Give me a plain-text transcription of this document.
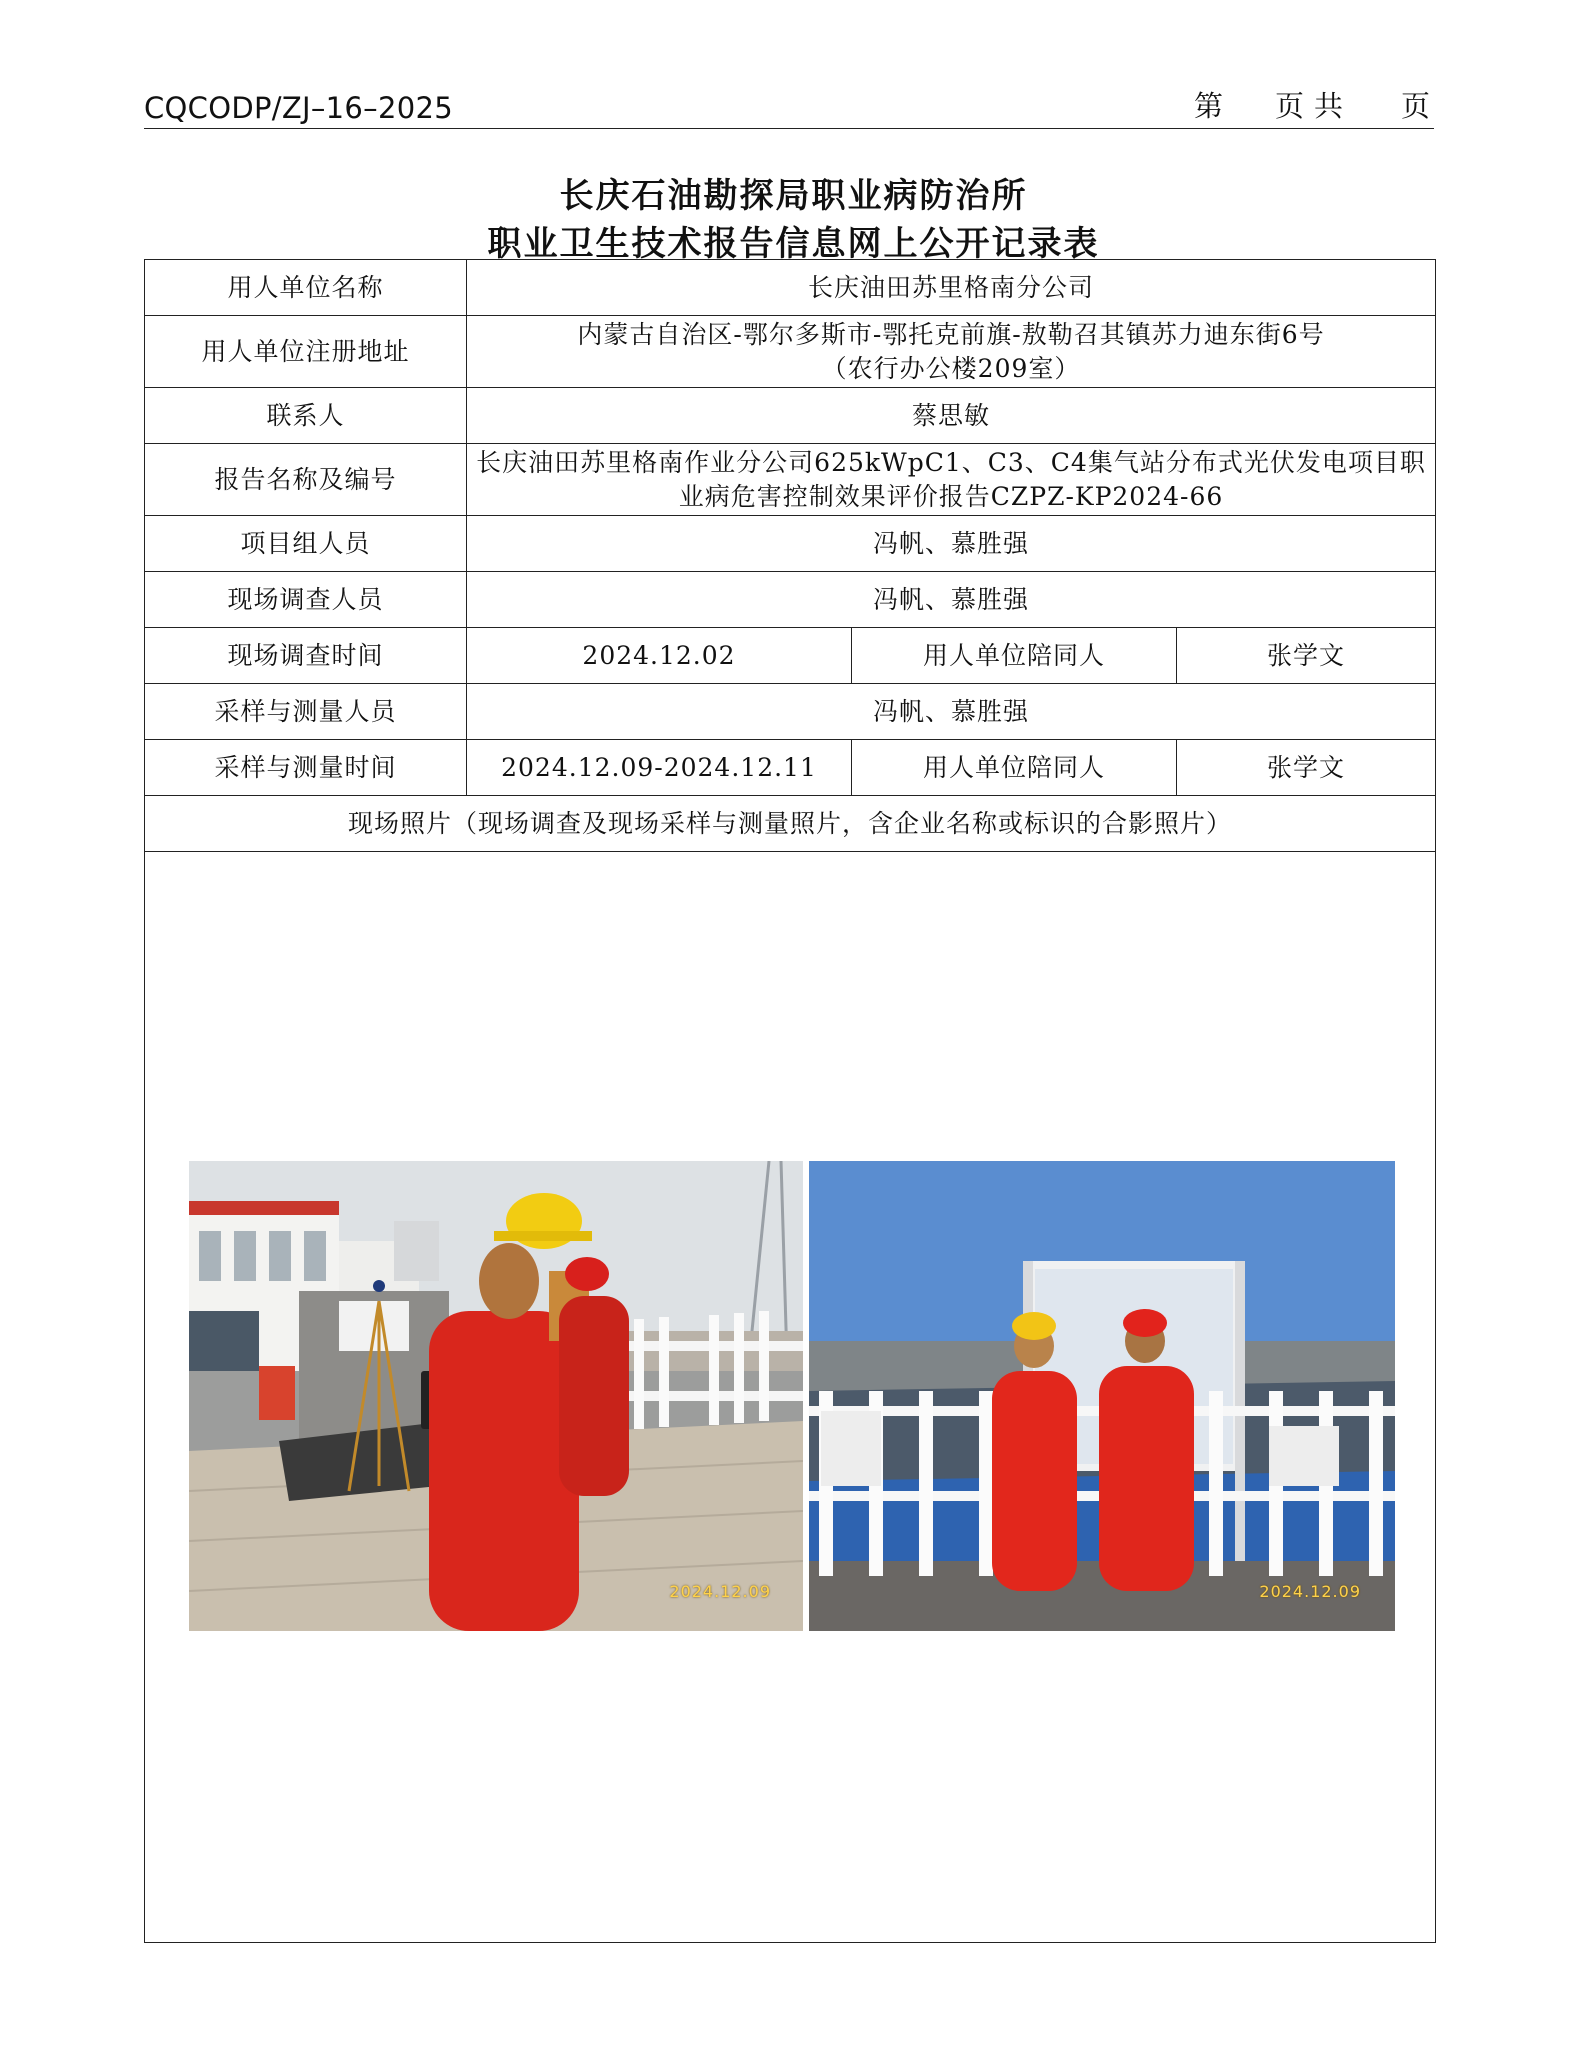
CQCODP/ZJ–16–2025	第 页 共 页
长庆石油勘探局职业病防治所
职业卫生技术报告信息网上公开记录表
用人单位名称	长庆油田苏里格南分公司		
用人单位注册地址	内蒙古自治区-鄂尔多斯市-鄂托克前旗-敖勒召其镇苏力迪东街6号
（农行办公楼209室）		

联系人	蔡思敏		
报告名称及编号	长庆油田苏里格南作业分公司625kWpC1、C3、C4集气站分布式光伏发电项目职
业病危害控制效果评价报告CZPZ-KP2024-66		

项目组人员	冯帆、慕胜强		
现场调查人员	冯帆、慕胜强		
现场调查时间	2024.12.02	用人单位陪同人	张学文
采样与测量人员	冯帆、慕胜强		
采样与测量时间	2024.12.09-2024.12.11	用人单位陪同人	张学文
现场照片（现场调查及现场采样与测量照片，含企业名称或标识的合影照片）			

2024.12.09 2024.12.09			
